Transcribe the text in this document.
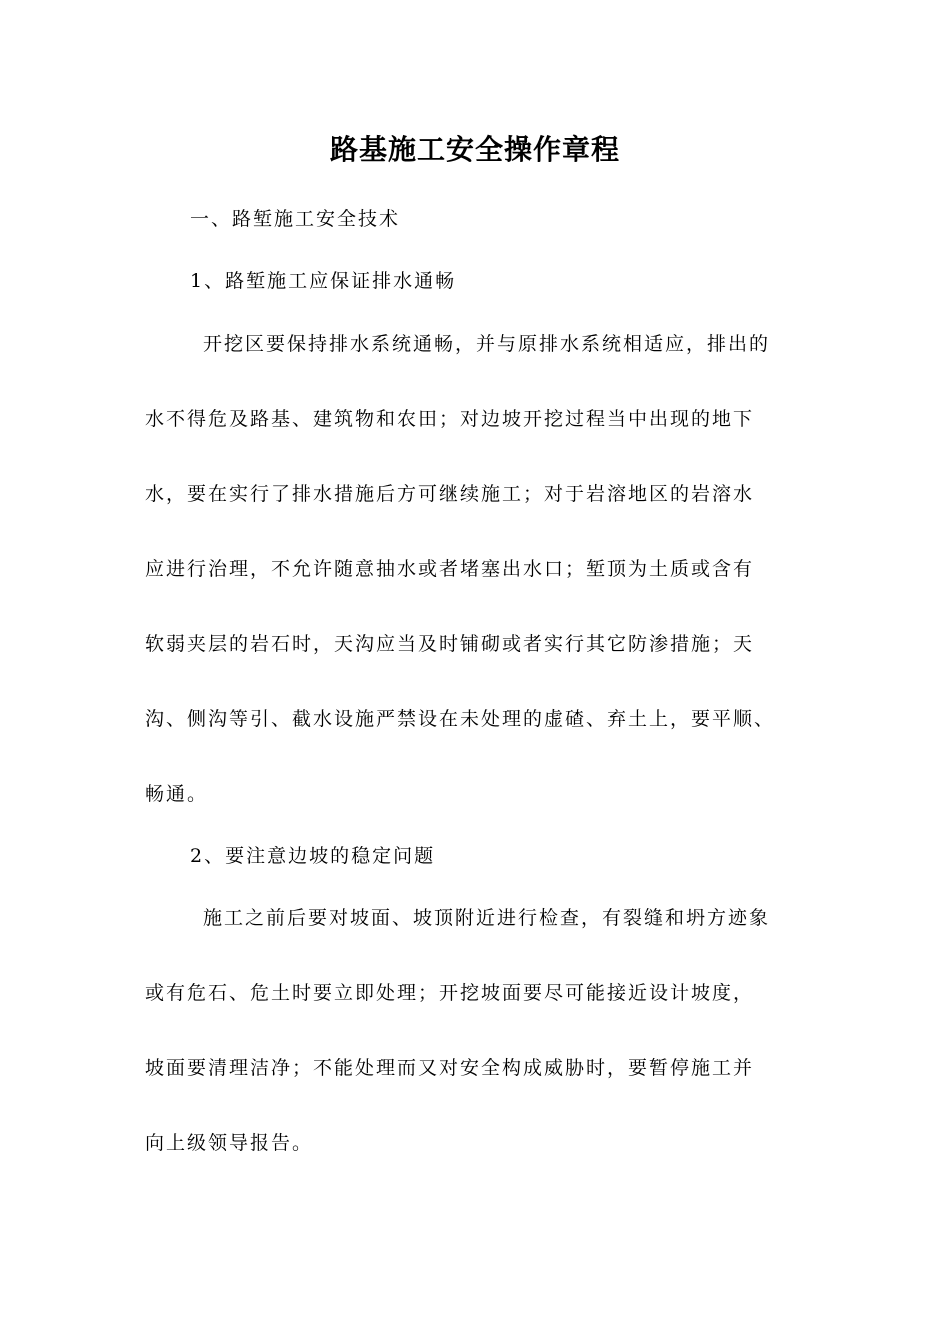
路基施工安全操作章程
一、路堑施工安全技术
1、路堑施工应保证排水通畅
开挖区要保持排水系统通畅，并与原排水系统相适应，排出的
水不得危及路基、建筑物和农田；对边坡开挖过程当中出现的地下
水，要在实行了排水措施后方可继续施工；对于岩溶地区的岩溶水
应进行治理，不允许随意抽水或者堵塞出水口；堑顶为土质或含有
软弱夹层的岩石时，天沟应当及时铺砌或者实行其它防渗措施；天
沟、侧沟等引、截水设施严禁设在未处理的虚碴、弃土上，要平顺、
畅通。
2、要注意边坡的稳定问题
施工之前后要对坡面、坡顶附近进行检查，有裂缝和坍方迹象
或有危石、危土时要立即处理；开挖坡面要尽可能接近设计坡度，
坡面要清理洁净；不能处理而又对安全构成威胁时，要暂停施工并
向上级领导报告。
